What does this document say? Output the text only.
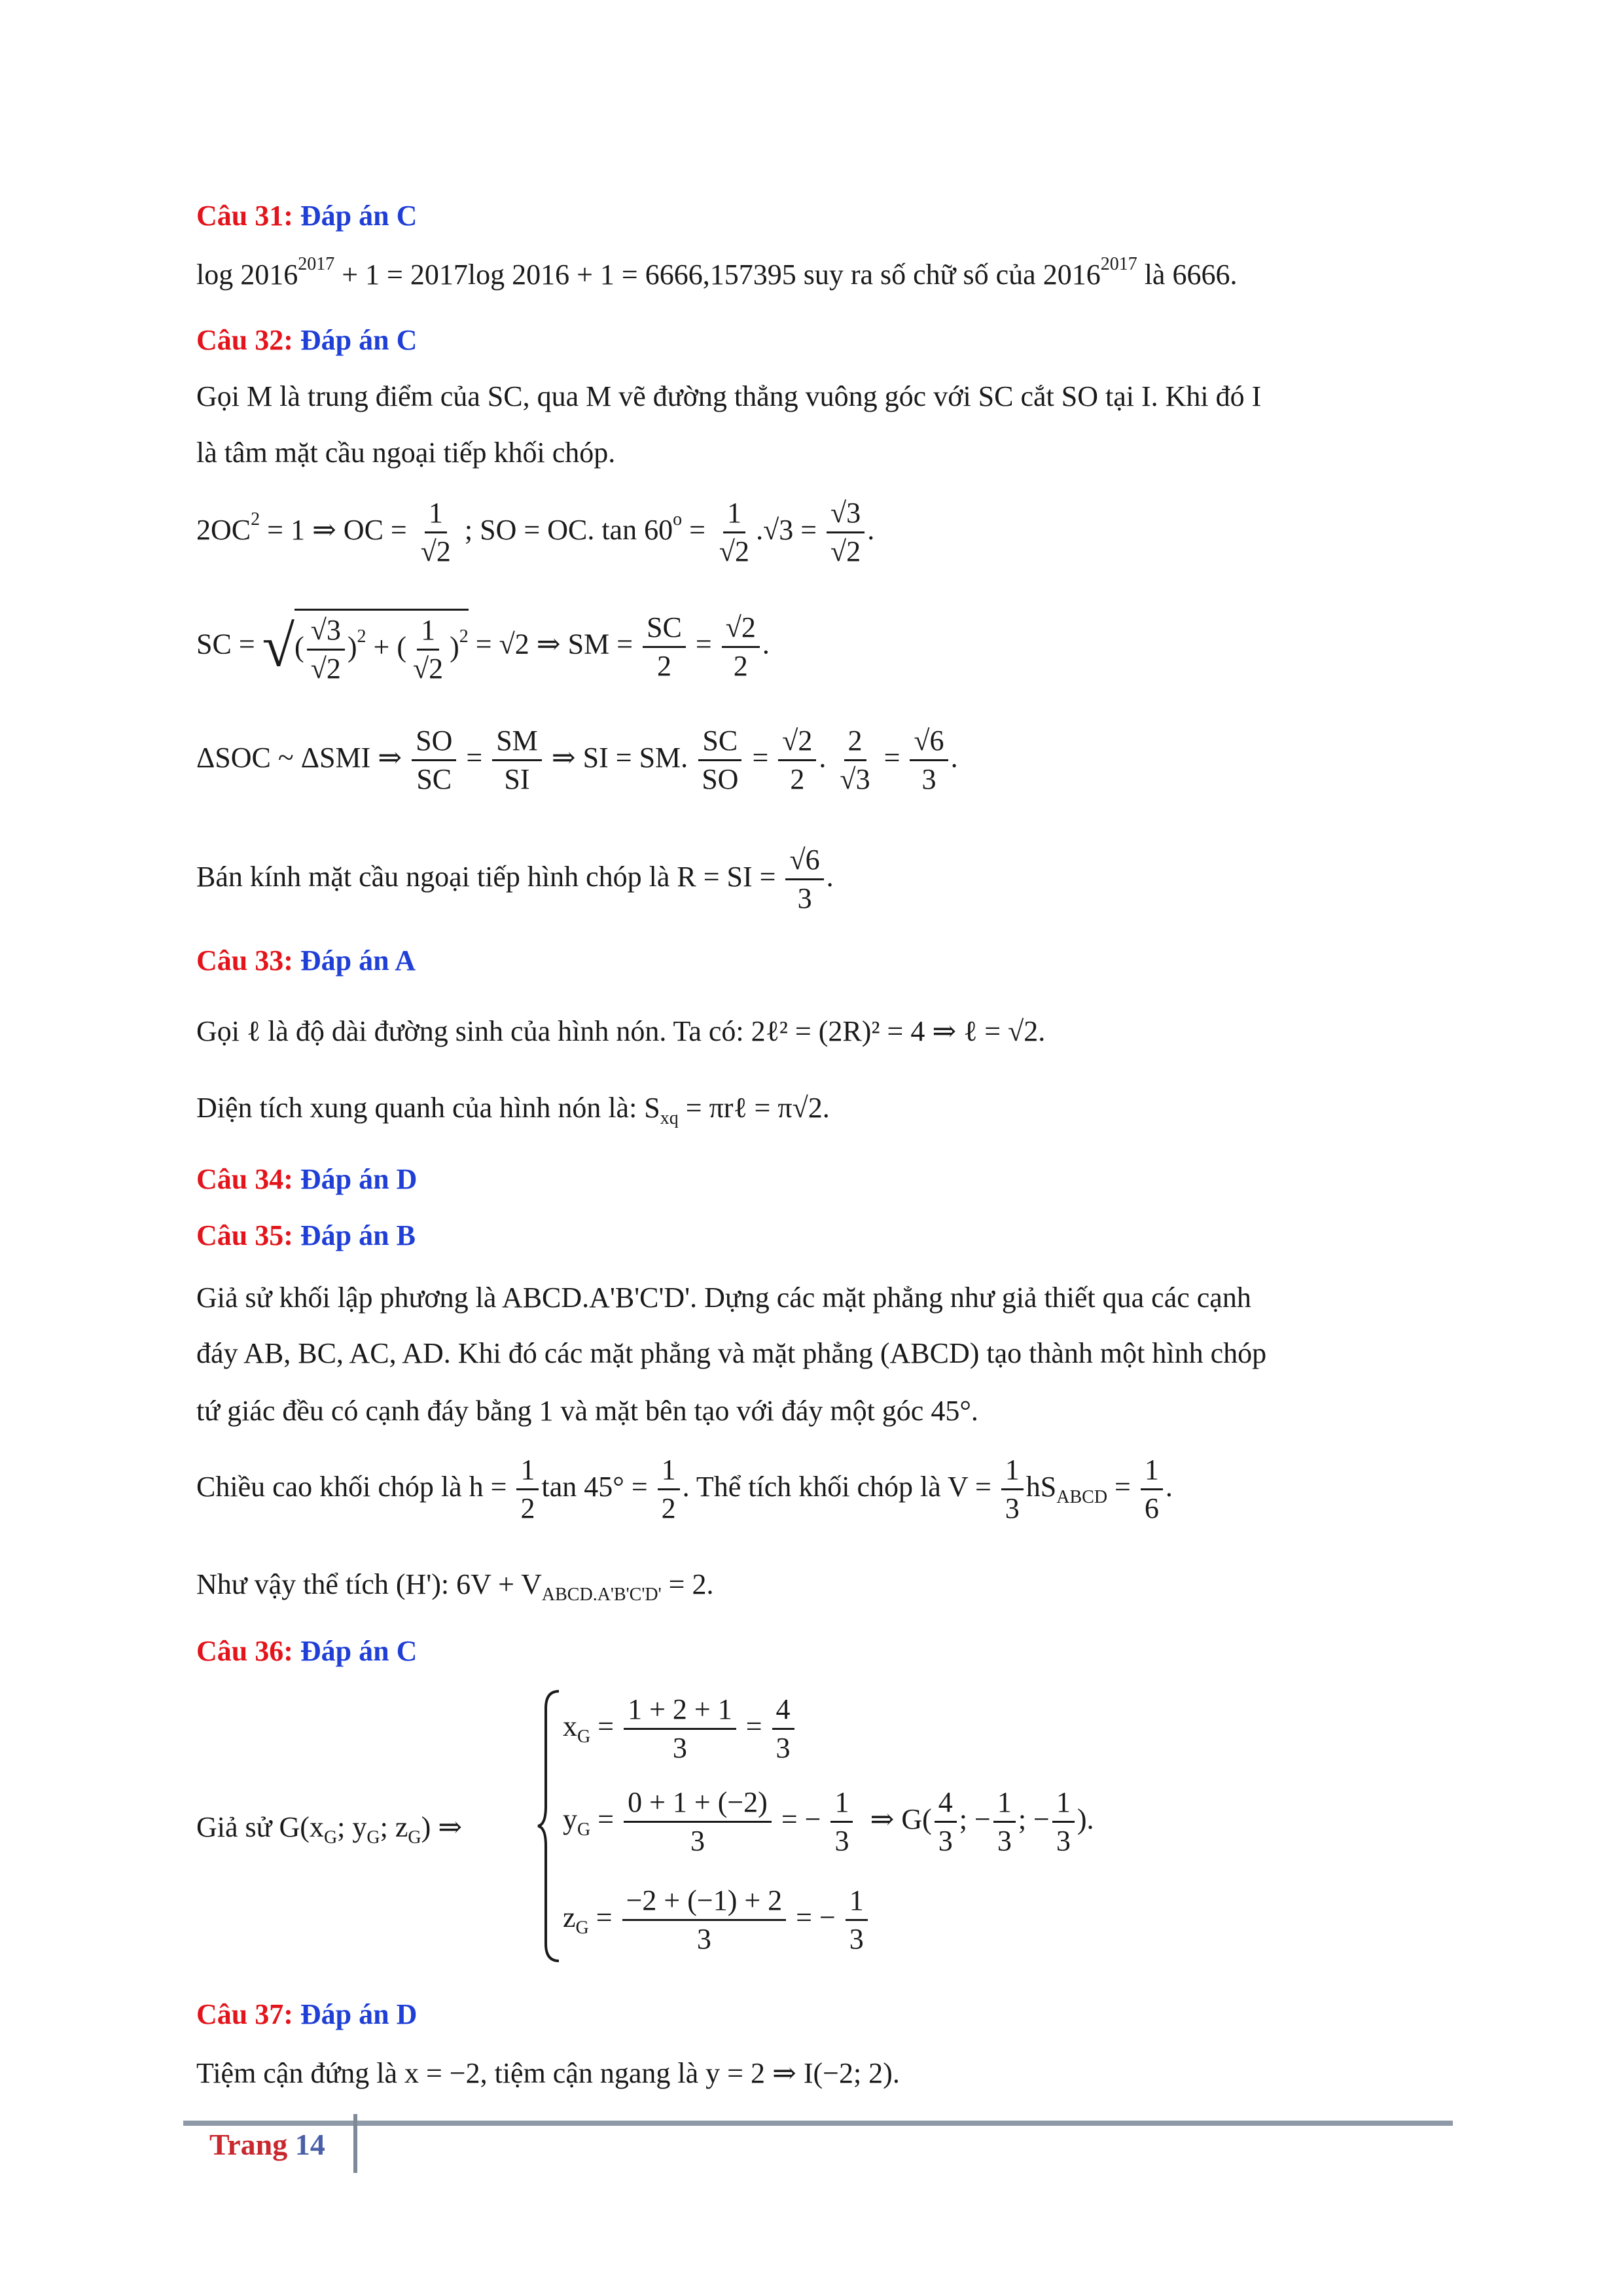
Câu 31: Đáp án C
$\log 2016^{2017} + 1 = 2017\log$ 2016 + 1 = 6666,157395 suy ra số chữ số của $2016^{2017}$ là 6666.
Câu 32: Đáp án C
Gọi M là trung điểm của SC, qua M vẽ đường thẳng vuông góc với SC cắt SO tại I. Khi đó I
là tâm mặt cầu ngoại tiếp khối chóp.
$2OC^2 = 1$ ⇒ OC = $\frac{1}{√2}$ ; SO = OC. $\tan 60^o = \frac{1}{√2} .√3 = \frac{√3}{√2}$ .
SC = √( $\frac{√3}{√2} )^2$ + ( $\frac{1}{√2} )^2 = √2$ ⇒ SM = $\frac{SC}{2} = \frac{√2}{2}$ .
ΔSOC ~ ΔSMI ⇒ $\frac{SO}{SC} = \frac{SM}{SI}$ ⇒ SI = SM. $\frac{SC}{SO} = \frac{√2}{2}$ . $\frac{2}{√3} = \frac{√6}{3}$ .
Bán kính mặt cầu ngoại tiếp hình chóp là R = SI = $\frac{√6}{3}$ .
Câu 33: Đáp án A
Gọi ℓ là độ dài đường sinh của hình nón. Ta có: 2ℓ² = (2R)² = 4 ⇒ ℓ = √2.
Diện tích xung quanh của hình nón là: $S_{xq}$ = πrℓ = π√2.
Câu 34: Đáp án D
Câu 35: Đáp án B
Giả sử khối lập phương là ABCD.A'B'C'D'. Dựng các mặt phẳng như giả thiết qua các cạnh
đáy AB, BC, AC, AD. Khi đó các mặt phẳng và mặt phẳng (ABCD) tạo thành một hình chóp
tứ giác đều có cạnh đáy bằng 1 và mặt bên tạo với đáy một góc 45°.
Chiều cao khối chóp là $h = \frac{1}{2}$ $\tan 45^\circ = \frac{1}{2}$ . Thể tích khối chóp là $V = \frac{1}{3} hS_{ABCD} = \frac{1}{6}$ .
Như vậy thể tích (H'): $6V + V_{ABCD.A'B'C'D'} = 2$.
Câu 36: Đáp án C
Giả sử $G(x_G$; $y_G$; $z_G$) ⇒
$x_G = \frac{1 + 2 + 1}{3} = \frac{4}{3}$
$y_G = \frac{0 + 1 + (-2)}{3}$ = − $\frac{1}{3}$ ⇒ $G( \frac{4}{3}$ ; − $\frac{1}{3}$ ; − $\frac{1}{3}$ ).
$z_G = \frac{-2 + (-1) + 2}{3}$ = − $\frac{1}{3}$
Câu 37: Đáp án D
Tiệm cận đứng là x = −2, tiệm cận ngang là y = 2 ⇒ I(−2; 2).
Trang 14
